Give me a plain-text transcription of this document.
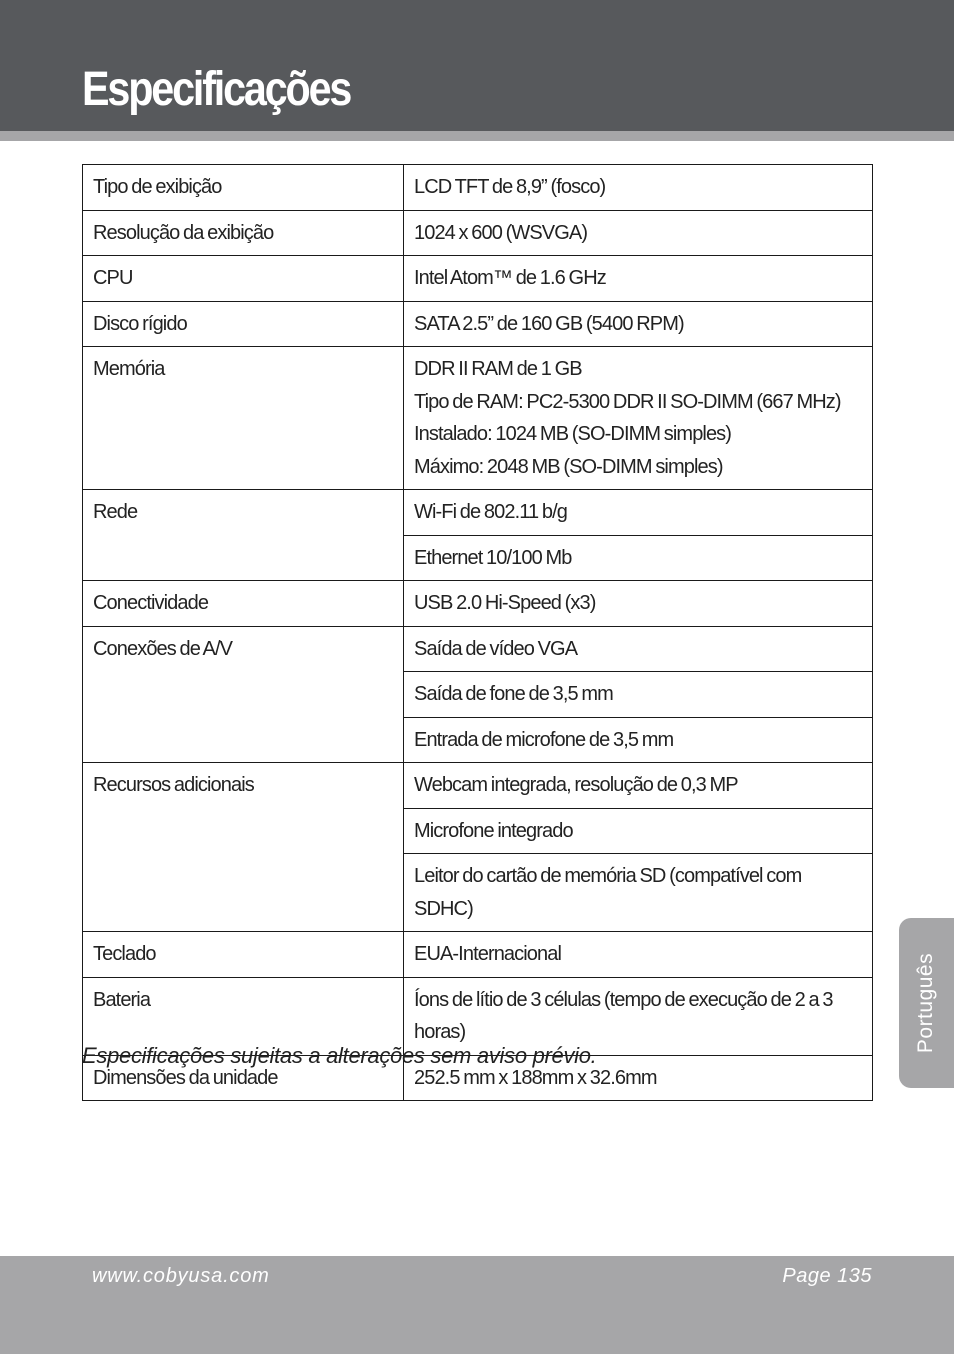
Especificações
Tipo de exibição	LCD TFT de 8,9” (fosco)
Resolução da exibição	1024 x 600 (WSVGA)
CPU	Intel Atom™ de 1.6 GHz
Disco rígido	SATA 2.5” de 160 GB (5400 RPM)
Memória	DDR II RAM de 1 GB
Tipo de RAM: PC2-5300 DDR II SO-DIMM (667 MHz)
Instalado: 1024 MB (SO-DIMM simples)
Máximo: 2048 MB (SO-DIMM simples)
Rede	Wi-Fi de 802.11 b/g
	Ethernet 10/100 Mb
Conectividade	USB 2.0 Hi-Speed (x3)
Conexões de A/V	Saída de vídeo VGA
	Saída de fone de 3,5 mm
	Entrada de microfone de 3,5 mm
Recursos adicionais	Webcam integrada, resolução de 0,3 MP
	Microfone integrado
	Leitor do cartão de memória SD (compatível com SDHC)
Teclado	EUA-Internacional
Bateria	Íons de lítio de 3 células (tempo de execução de 2 a 3 horas)
Dimensões da unidade	252.5 mm x 188mm x 32.6mm

Especificações sujeitas a alterações sem aviso prévio.

Português
www.cobyusa.com	Page 135
